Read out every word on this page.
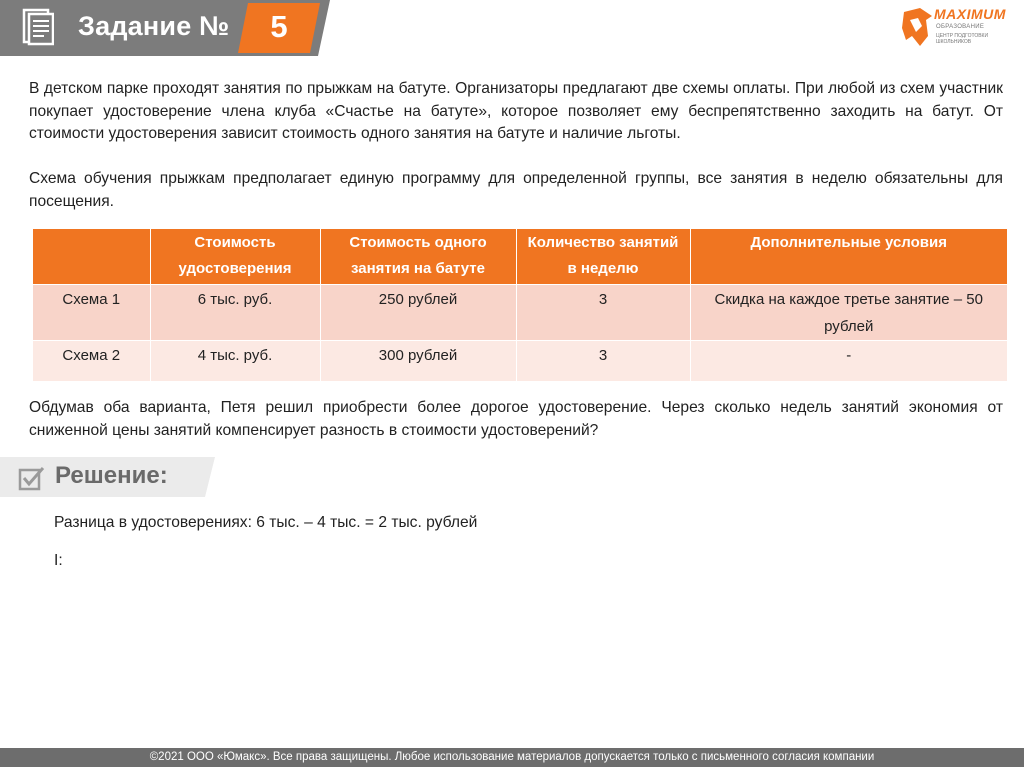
Задание №	5	MAXIMUM
ОБРАЗОВАНИЕ
ЦЕНТР ПОДГОТОВКИ ШКОЛЬНИКОВ
В детском парке проходят занятия по прыжкам на батуте. Организаторы предлагают две схемы оплаты. При любой из схем участник покупает удостоверение члена клуба «Счастье на батуте», которое позволяет ему беспрепятственно заходить на батут. От стоимости удостоверения зависит стоимость одного занятия на батуте и наличие льготы.
Схема обучения прыжкам предполагает единую программу для определенной группы, все занятия в неделю обязательны для посещения.
	Стоимость удостоверения	Стоимость одного занятия на батуте	Количество занятий в неделю	Дополнительные условия
Схема 1	6 тыс. руб.	250 рублей	3	Скидка на каждое третье занятие – 50 рублей
Схема 2	4 тыс. руб.	300 рублей	3	-
Обдумав оба варианта, Петя решил приобрести более дорогое удостоверение. Через сколько недель занятий экономия от сниженной цены занятий компенсирует разность в стоимости удостоверений?
Решение:
Разница в удостоверениях: 6 тыс. – 4 тыс. = 2 тыс. рублей
I:
©2021 ООО «Юмакс». Все права защищены. Любое использование материалов допускается только с письменного согласия компании
